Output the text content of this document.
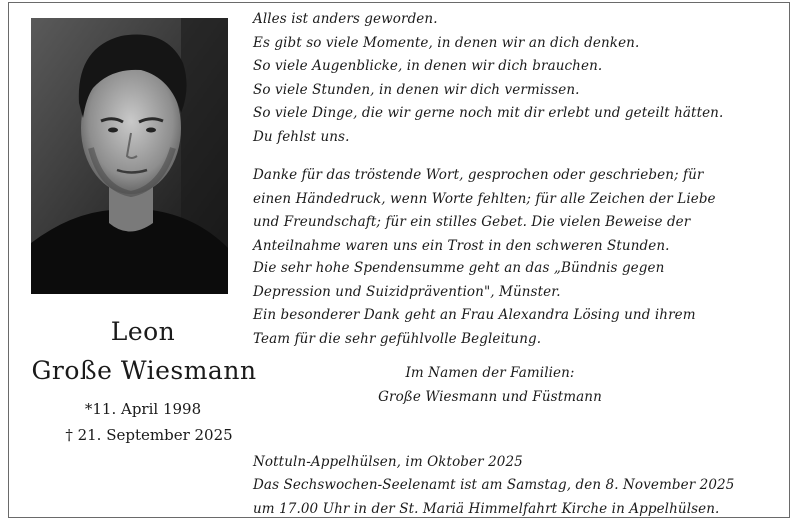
Alles ist anders geworden.
Es gibt so viele Momente, in denen wir an dich denken.
So viele Augenblicke, in denen wir dich brauchen.
So viele Stunden, in denen wir dich vermissen.
So viele Dinge, die wir gerne noch mit dir erlebt und geteilt hätten.
Du fehlst uns.
Danke für das tröstende Wort, gesprochen oder geschrieben; für
einen Händedruck, wenn Worte fehlten; für alle Zeichen der Liebe
und Freundschaft; für ein stilles Gebet. Die vielen Beweise der
Anteilnahme waren uns ein Trost in den schweren Stunden.
Die sehr hohe Spendensumme geht an das „Bündnis gegen
Depression und Suizidprävention", Münster.
Ein besonderer Dank geht an Frau Alexandra Lösing und ihrem
Team für die sehr gefühlvolle Begleitung.
Leon
Große Wiesmann
*11. April 1998
† 21. September 2025
Im Namen der Familien:
Große Wiesmann und Füstmann
Nottuln-Appelhülsen, im Oktober 2025
Das Sechswochen-Seelenamt ist am Samstag, den 8. November 2025
um 17.00 Uhr in der St. Mariä Himmelfahrt Kirche in Appelhülsen.
